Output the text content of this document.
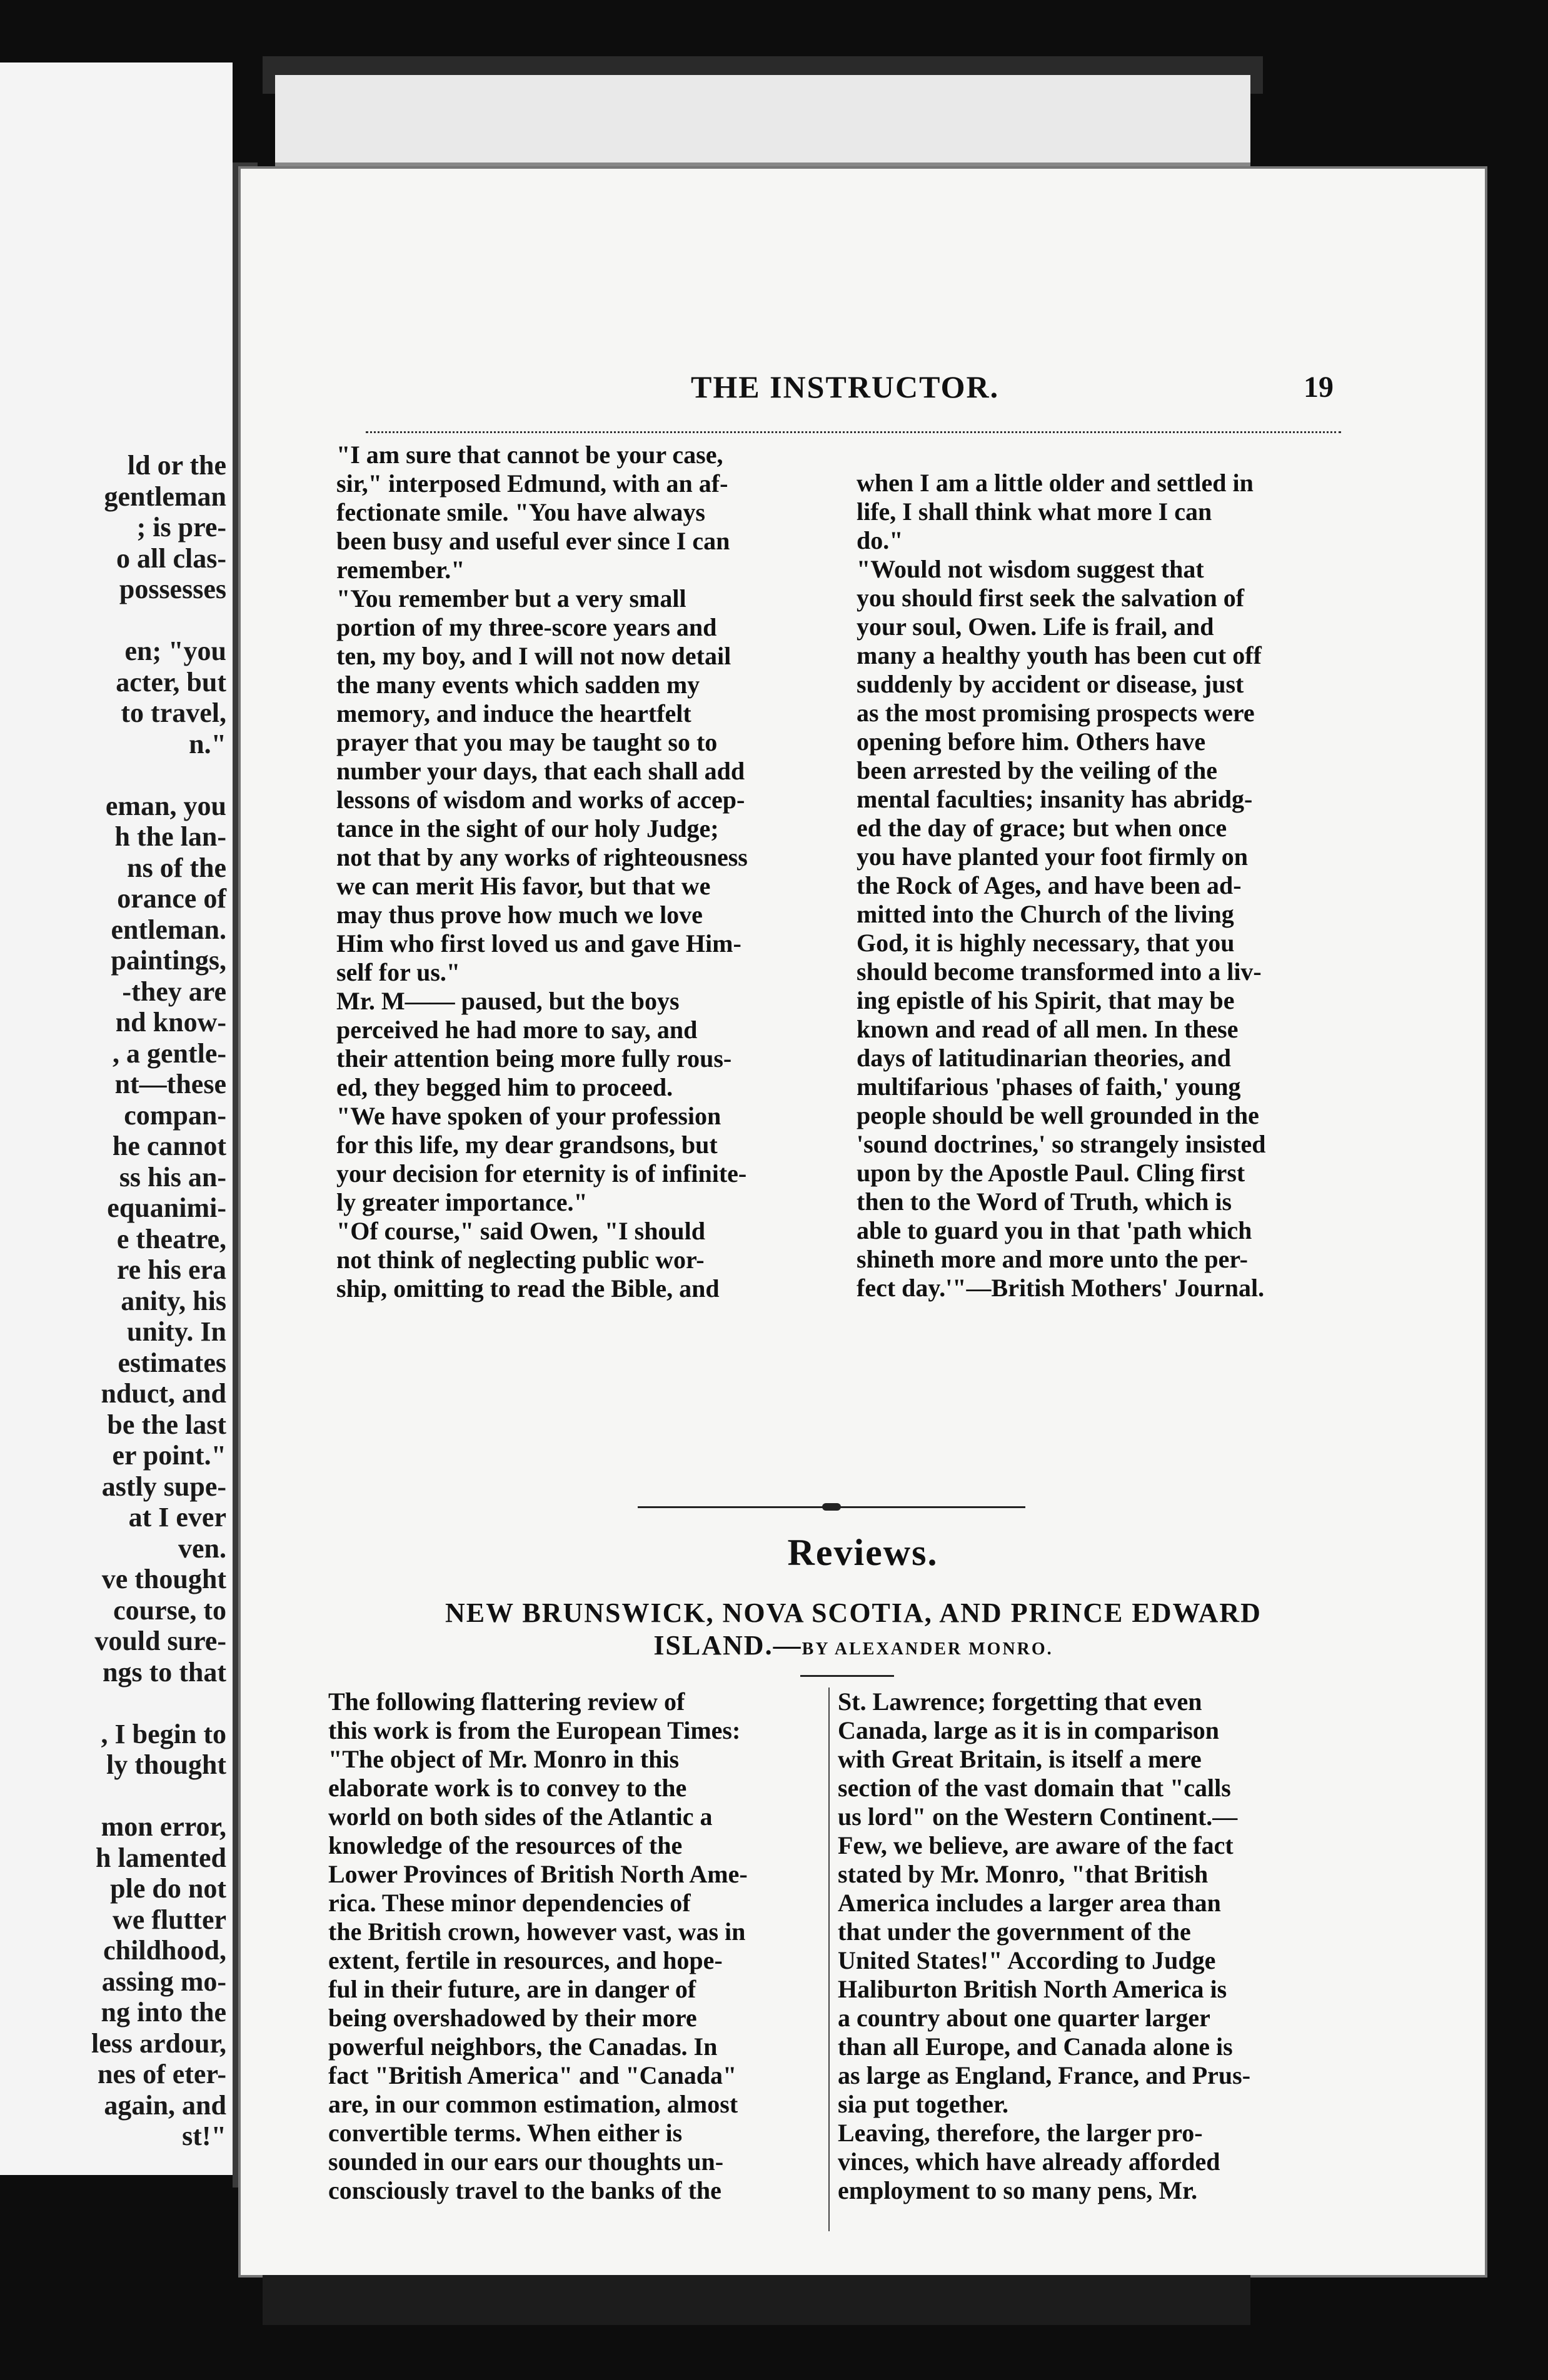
ld or the
gentleman
; is pre-
o all clas-
possesses

en; "you
acter, but
to travel,
n."

eman, you
h the lan-
ns of the
orance of
entleman.
paintings,
-they are
nd know-
, a gentle-
nt—these
compan-
he cannot
ss his an-
equanimi-
e theatre,
re his era
anity, his
unity. In
estimates
nduct, and
be the last
er point."
astly supe-
at I ever
ven.
ve thought
course, to
vould sure-
ngs to that

, I begin to
ly thought

mon error,
h lamented
ple do not
we flutter
childhood,
assing mo-
ng into the
less ardour,
nes of eter-
again, and
st!"
THE INSTRUCTOR.	19
"I am sure that cannot be your case,
sir," interposed Edmund, with an af-
fectionate smile. "You have always
been busy and useful ever since I can
remember."
"You remember but a very small
portion of my three-score years and
ten, my boy, and I will not now detail
the many events which sadden my
memory, and induce the heartfelt
prayer that you may be taught so to
number your days, that each shall add
lessons of wisdom and works of accep-
tance in the sight of our holy Judge;
not that by any works of righteousness
we can merit His favor, but that we
may thus prove how much we love
Him who first loved us and gave Him-
self for us."
Mr. M—— paused, but the boys
perceived he had more to say, and
their attention being more fully rous-
ed, they begged him to proceed.
"We have spoken of your profession
for this life, my dear grandsons, but
your decision for eternity is of infinite-
ly greater importance."
"Of course," said Owen, "I should
not think of neglecting public wor-
ship, omitting to read the Bible, and
when I am a little older and settled in
life, I shall think what more I can
do."
"Would not wisdom suggest that
you should first seek the salvation of
your soul, Owen. Life is frail, and
many a healthy youth has been cut off
suddenly by accident or disease, just
as the most promising prospects were
opening before him. Others have
been arrested by the veiling of the
mental faculties; insanity has abridg-
ed the day of grace; but when once
you have planted your foot firmly on
the Rock of Ages, and have been ad-
mitted into the Church of the living
God, it is highly necessary, that you
should become transformed into a liv-
ing epistle of his Spirit, that may be
known and read of all men. In these
days of latitudinarian theories, and
multifarious 'phases of faith,' young
people should be well grounded in the
'sound doctrines,' so strangely insisted
upon by the Apostle Paul. Cling first
then to the Word of Truth, which is
able to guard you in that 'path which
shineth more and more unto the per-
fect day.'"—British Mothers' Journal.
Reviews.
NEW BRUNSWICK, NOVA SCOTIA, AND PRINCE EDWARD
ISLAND.—BY ALEXANDER MONRO.
The following flattering review of
this work is from the European Times:
"The object of Mr. Monro in this
elaborate work is to convey to the
world on both sides of the Atlantic a
knowledge of the resources of the
Lower Provinces of British North Ame-
rica. These minor dependencies of
the British crown, however vast, was in
extent, fertile in resources, and hope-
ful in their future, are in danger of
being overshadowed by their more
powerful neighbors, the Canadas. In
fact "British America" and "Canada"
are, in our common estimation, almost
convertible terms. When either is
sounded in our ears our thoughts un-
consciously travel to the banks of the
St. Lawrence; forgetting that even
Canada, large as it is in comparison
with Great Britain, is itself a mere
section of the vast domain that "calls
us lord" on the Western Continent.—
Few, we believe, are aware of the fact
stated by Mr. Monro, "that British
America includes a larger area than
that under the government of the
United States!" According to Judge
Haliburton British North America is
a country about one quarter larger
than all Europe, and Canada alone is
as large as England, France, and Prus-
sia put together.
Leaving, therefore, the larger pro-
vinces, which have already afforded
employment to so many pens, Mr.
